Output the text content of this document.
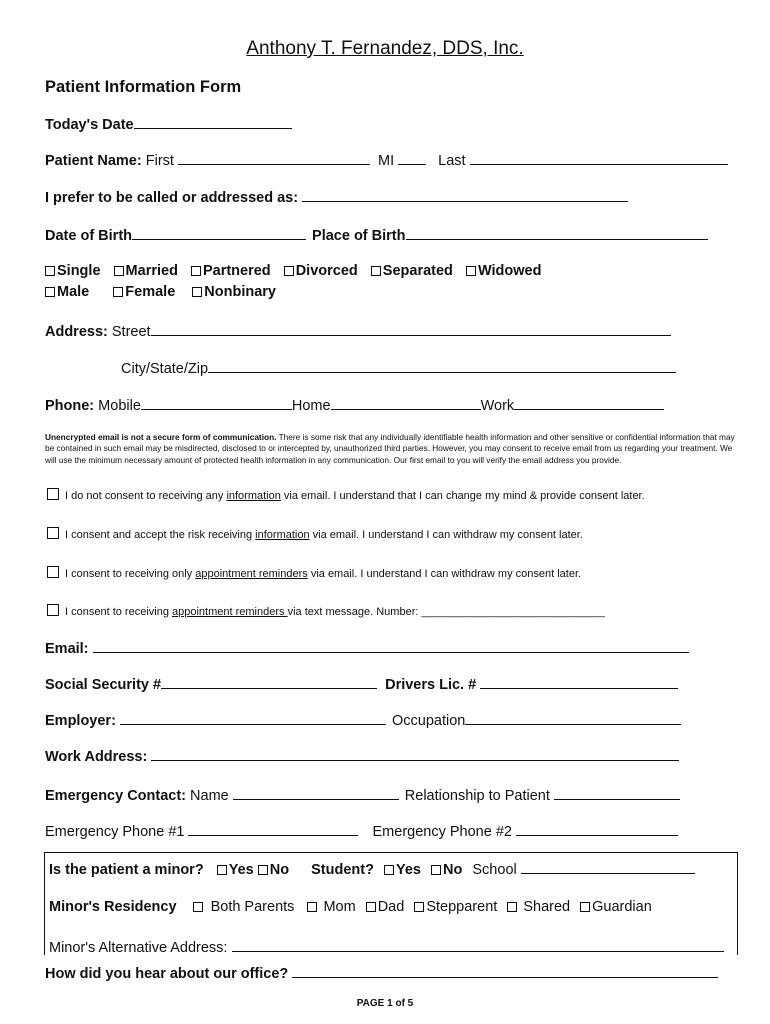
Anthony T. Fernandez, DDS, Inc.
Patient Information Form
Today's Date
Patient Name: First	MI	Last
I prefer to be called or addressed as:
Date of Birth	Place of Birth
Single Married Partnered Divorced Separated Widowed
Male Female Nonbinary
Address: Street
City/State/Zip
Phone: Mobile	Home	Work
Unencrypted email is not a secure form of communication. There is some risk that any individually identifiable health information and other sensitive or confidential information that may be contained in such email may be misdirected, disclosed to or intercepted by, unauthorized third parties. However, you may consent to receive email from us regarding your treatment. We will use the minimum necessary amount of protected health information in any communication. Our first email to you will verify the email address you provide.
I do not consent to receiving any information via email. I understand that I can change my mind & provide consent later.
I consent and accept the risk receiving information via email. I understand I can withdraw my consent later.
I consent to receiving only appointment reminders via email. I understand I can withdraw my consent later.
I consent to receiving appointment reminders via text message. Number: ______________________________
Email:
Social Security #	Drivers Lic. #
Employer:	Occupation
Work Address:
Emergency Contact: Name	Relationship to Patient
Emergency Phone #1	Emergency Phone #2
Is the patient a minor? Yes No Student? Yes No School
Minor's Residency Both Parents Mom Dad Stepparent Shared Guardian
Minor's Alternative Address:
How did you hear about our office?
PAGE 1 of 5
